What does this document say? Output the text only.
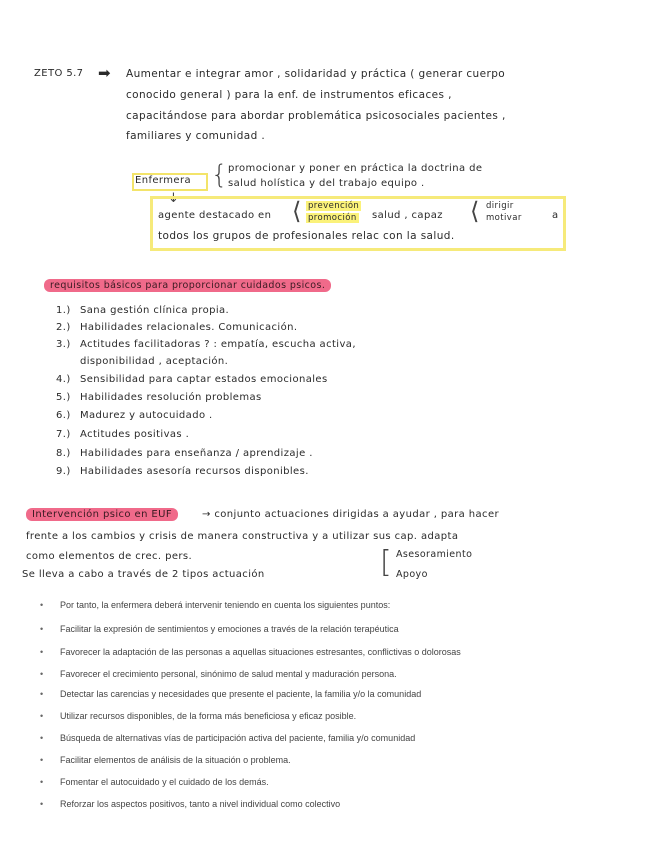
ZETO 5.7 ➡ Aumentar e integrar amor , solidaridad y práctica ( generar cuerpo
conocido general ) para la enf. de instrumentos eficaces ,
capacitándose para abordar problemática psicosociales pacientes ,
familiares y comunidad .
Enfermera { promocionar y poner en práctica la doctrina de
salud holística y del trabajo equipo .
↓
agente destacado en ⟨ prevención
promoción salud , capaz ⟨ dirigir
motivar	a
todos los grupos de profesionales relac con la salud.
requisitos básicos para proporcionar cuidados psicos.
1.) Sana gestión clínica propia.
2.) Habilidades relacionales. Comunicación.
3.) Actitudes facilitadoras ? : empatía, escucha activa,
disponibilidad , aceptación.
4.) Sensibilidad para captar estados emocionales
5.) Habilidades resolución problemas
6.) Madurez y autocuidado .
7.) Actitudes positivas .
8.) Habilidades para enseñanza / aprendizaje .
9.) Habilidades asesoría recursos disponibles.
Intervención psico en EUF	→ conjunto actuaciones dirigidas a ayudar , para hacer
frente a los cambios y crisis de manera constructiva y a utilizar sus cap. adapta
como elementos de crec. pers.
Se lleva a cabo a través de 2 tipos actuación	[ Asesoramiento
Apoyo
• Por tanto, la enfermera deberá intervenir teniendo en cuenta los siguientes puntos:
• Facilitar la expresión de sentimientos y emociones a través de la relación terapéutica
• Favorecer la adaptación de las personas a aquellas situaciones estresantes, conflictivas o dolorosas
• Favorecer el crecimiento personal, sinónimo de salud mental y maduración persona.
• Detectar las carencias y necesidades que presente el paciente, la familia y/o la comunidad
• Utilizar recursos disponibles, de la forma más beneficiosa y eficaz posible.
• Búsqueda de alternativas vías de participación activa del paciente, familia y/o comunidad
• Facilitar elementos de análisis de la situación o problema.
• Fomentar el autocuidado y el cuidado de los demás.
• Reforzar los aspectos positivos, tanto a nivel individual como colectivo
